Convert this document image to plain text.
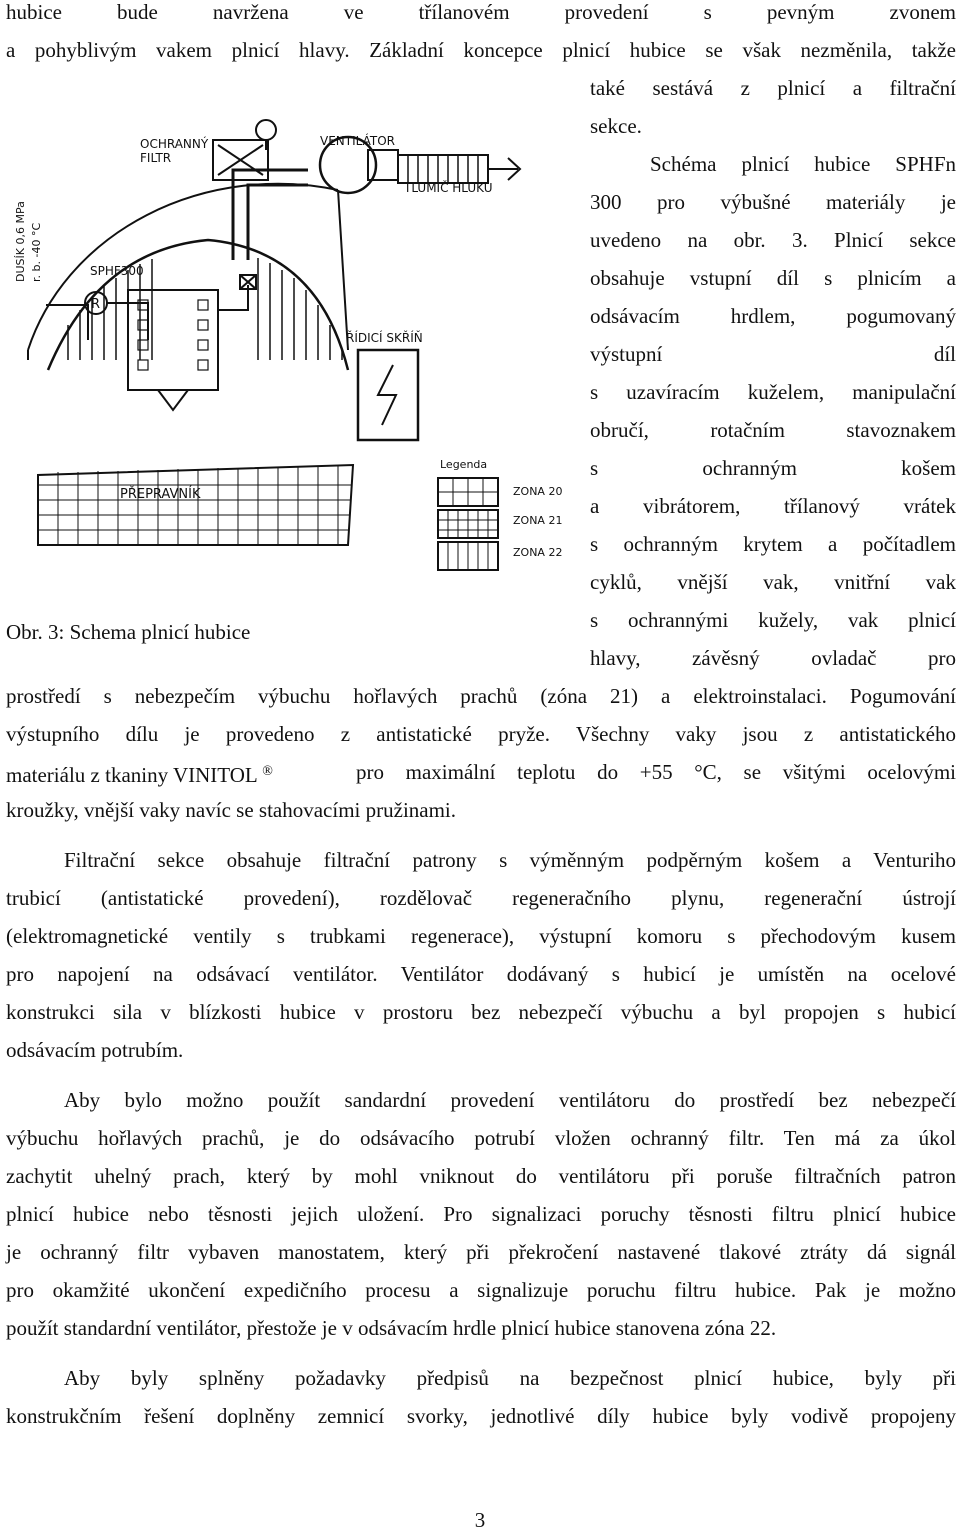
hubice bude navržena ve třílanovém provedení s pevným zvonem
a pohyblivým vakem plnicí hlavy. Základní koncepce plnicí hubice se však nezměnila, takže
také sestává z plnicí a filtrační
sekce.
Schéma plnicí hubice SPHFn
300 pro výbušné materiály je
uvedeno na obr. 3. Plnicí sekce
obsahuje vstupní díl s plnicím a
odsávacím hrdlem, pogumovaný
výstupní díl
s uzavíracím kuželem, manipulační
obručí, rotačním stavoznakem
s ochranným košem
a vibrátorem, třílanový vrátek
s ochranným krytem a počítadlem
cyklů, vnější vak, vnitřní vak
s ochrannými kužely, vak plnicí
hlavy, závěsný ovladač pro
OCHRANNÝ
FILTR
VENTILÁTOR
TLUMIČ HLUKU
DUSÍK 0,6 MPa r. b. -40 °C	SPHF300
R
ŘÍDICÍ SKŘÍŇ
PŘEPRAVNÍK
Legenda
ZONA 20
ZONA 21
ZONA 22
Obr. 3: Schema plnicí hubice
prostředí s nebezpečím výbuchu hořlavých prachů (zóna 21) a elektroinstalaci. Pogumování
výstupního dílu je provedeno z antistatické pryže. Všechny vaky jsou z antistatického
materiálu z tkaniny VINITOL ®	pro maximální teplotu do +55 °C, se všitými ocelovými
kroužky, vnější vaky navíc se stahovacími pružinami.
Filtrační sekce obsahuje filtrační patrony s výměnným podpěrným košem a Venturiho
trubicí (antistatické provedení), rozdělovač regeneračního plynu, regenerační ústrojí
(elektromagnetické ventily s trubkami regenerace), výstupní komoru s přechodovým kusem
pro napojení na odsávací ventilátor. Ventilátor dodávaný s hubicí je umístěn na ocelové
konstrukci sila v blízkosti hubice v prostoru bez nebezpečí výbuchu a byl propojen s hubicí
odsávacím potrubím.
Aby bylo možno použít sandardní provedení ventilátoru do prostředí bez nebezpečí
výbuchu hořlavých prachů, je do odsávacího potrubí vložen ochranný filtr. Ten má za úkol
zachytit uhelný prach, který by mohl vniknout do ventilátoru při poruše filtračních patron
plnicí hubice nebo těsnosti jejich uložení. Pro signalizaci poruchy těsnosti filtru plnicí hubice
je ochranný filtr vybaven manostatem, který při překročení nastavené tlakové ztráty dá signál
pro okamžité ukončení expedičního procesu a signalizuje poruchu filtru hubice. Pak je možno
použít standardní ventilátor, přestože je v odsávacím hrdle plnicí hubice stanovena zóna 22.
Aby byly splněny požadavky předpisů na bezpečnost plnicí hubice, byly při
konstrukčním řešení doplněny zemnicí svorky, jednotlivé díly hubice byly vodivě propojeny
3
